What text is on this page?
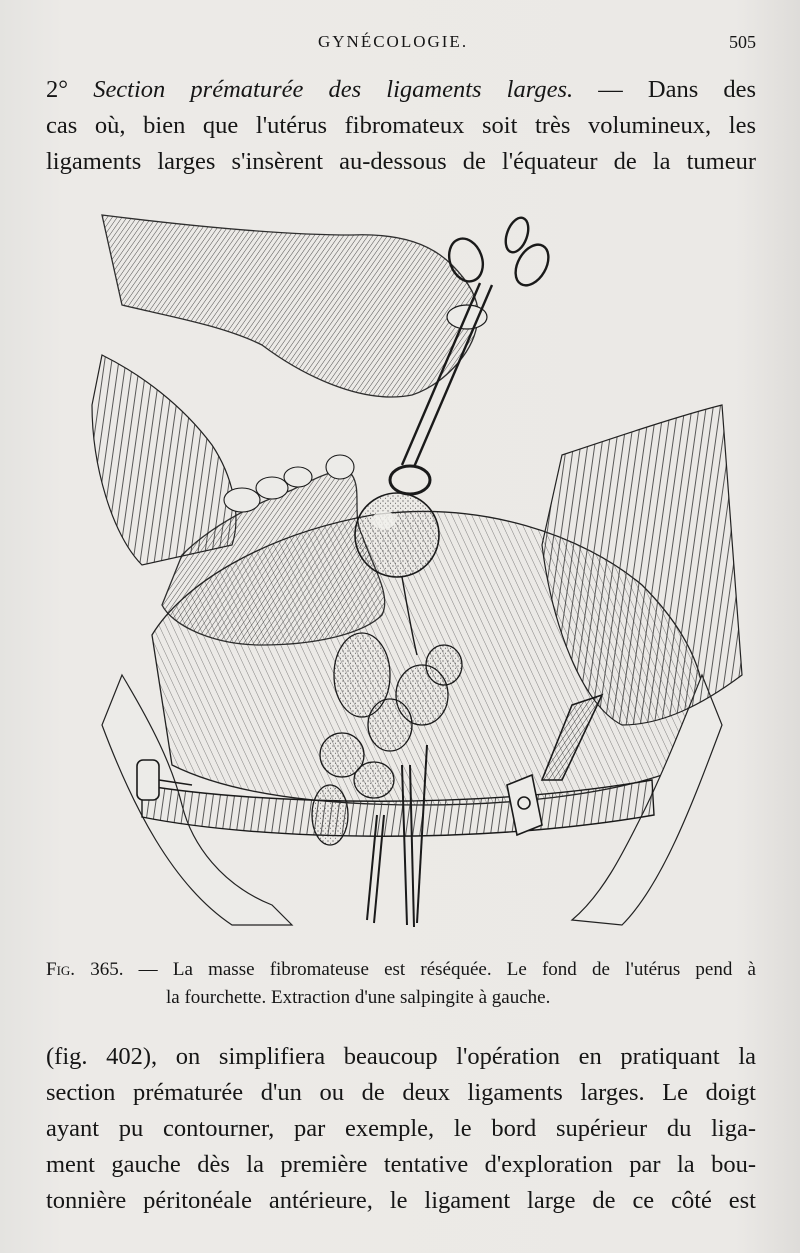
GYNÉCOLOGIE.	505
2° Section prématurée des ligaments larges. — Dans des
cas où, bien que l'utérus fibromateux soit très volumineux, les
ligaments larges s'insèrent au-dessous de l'équateur de la tumeur
Fig. 365. — La masse fibromateuse est réséquée. Le fond de l'utérus pend à
la fourchette. Extraction d'une salpingite à gauche.
(fig. 402), on simplifiera beaucoup l'opération en pratiquant la
section prématurée d'un ou de deux ligaments larges. Le doigt
ayant pu contourner, par exemple, le bord supérieur du liga-
ment gauche dès la première tentative d'exploration par la bou-
tonnière péritonéale antérieure, le ligament large de ce côté est
